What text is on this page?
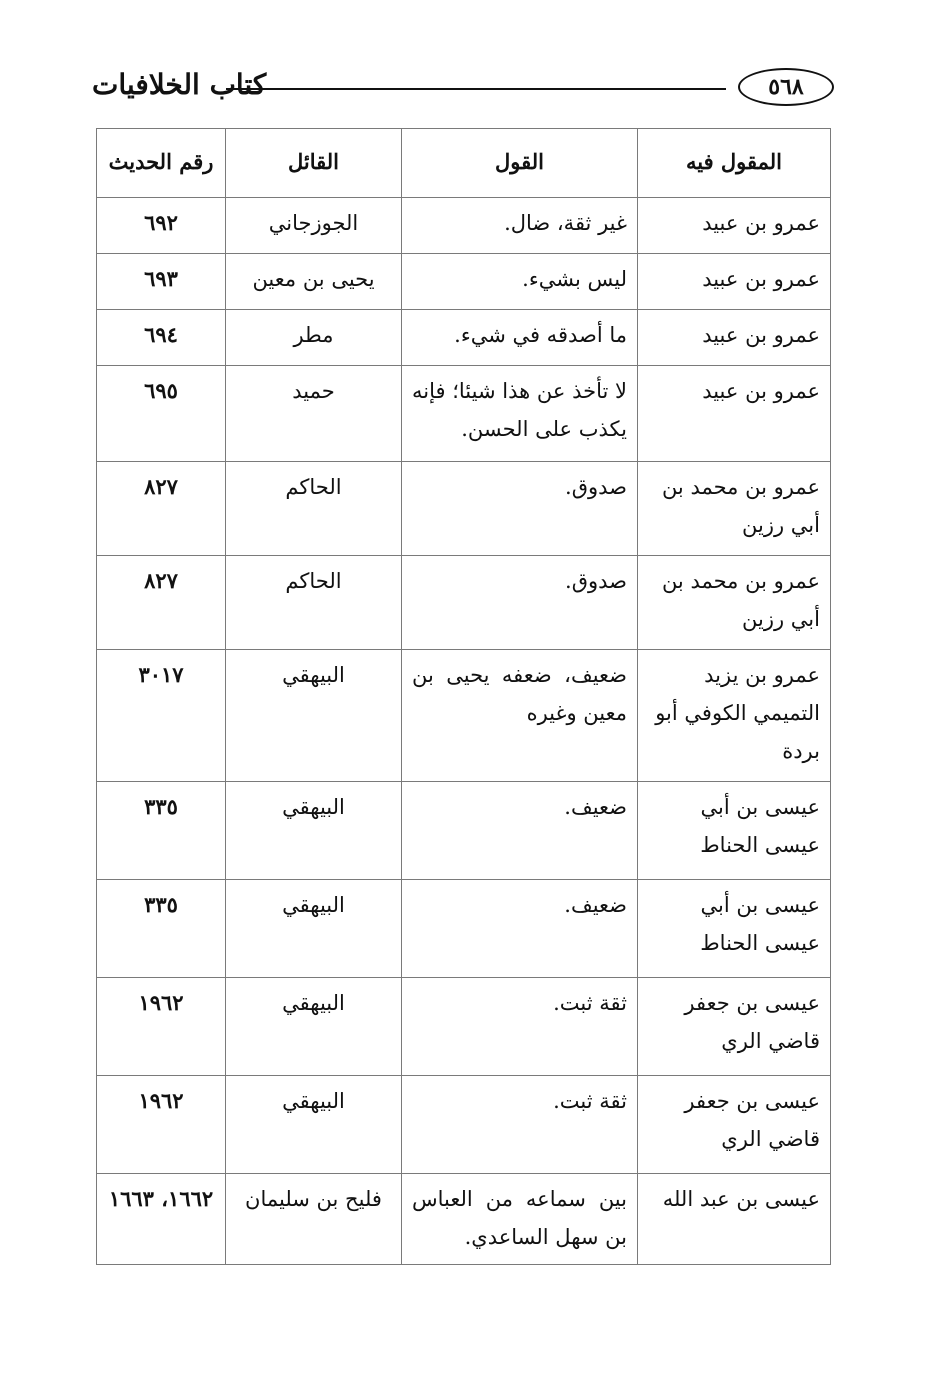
٥٦٨
كتاب الخلافيات
المقول فيه	القول	القائل	رقم الحديث
عمرو بن عبيد	غير ثقة، ضال.	الجوزجاني	٦٩٢
عمرو بن عبيد	ليس بشيء.	يحيى بن معين	٦٩٣
عمرو بن عبيد	ما أصدقه في شيء.	مطر	٦٩٤
عمرو بن عبيد	لا تأخذ عن هذا شيئا؛ فإنه يكذب على الحسن.	حميد	٦٩٥
عمرو بن محمد بن أبي رزين	صدوق.	الحاكم	٨٢٧
عمرو بن محمد بن أبي رزين	صدوق.	الحاكم	٨٢٧
عمرو بن يزيد التميمي الكوفي أبو بردة	ضعيف، ضعفه يحيى بن معين وغيره	البيهقي	٣٠١٧
عيسى بن أبي عيسى الحناط	ضعيف.	البيهقي	٣٣٥
عيسى بن أبي عيسى الحناط	ضعيف.	البيهقي	٣٣٥
عيسى بن جعفر قاضي الري	ثقة ثبت.	البيهقي	١٩٦٢
عيسى بن جعفر قاضي الري	ثقة ثبت.	البيهقي	١٩٦٢
عيسى بن عبد الله	بين سماعه من العباس بن سهل الساعدي.	فليح بن سليمان	١٦٦٢، ١٦٦٣
